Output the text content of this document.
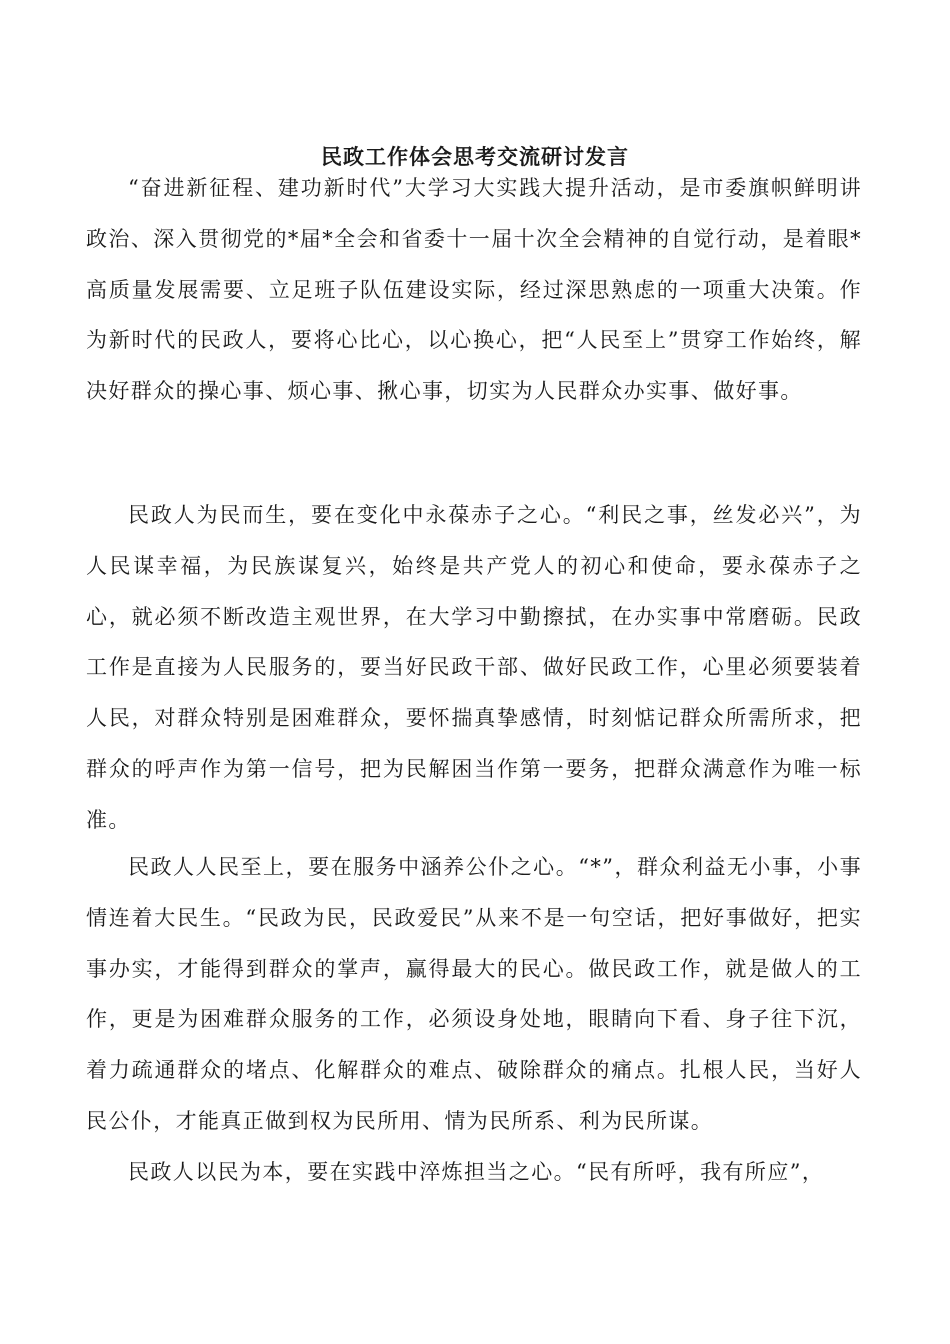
民政工作体会思考交流研讨发言

“奋进新征程、建功新时代”大学习大实践大提升活动，是市委旗帜鲜明讲政治、深入贯彻党的*届*全会和省委十一届十次全会精神的自觉行动，是着眼*高质量发展需要、立足班子队伍建设实际，经过深思熟虑的一项重大决策。作为新时代的民政人，要将心比心，以心换心，把“人民至上”贯穿工作始终，解决好群众的操心事、烦心事、揪心事，切实为人民群众办实事、做好事。

民政人为民而生，要在变化中永葆赤子之心。“利民之事，丝发必兴”，为人民谋幸福，为民族谋复兴，始终是共产党人的初心和使命，要永葆赤子之心，就必须不断改造主观世界，在大学习中勤擦拭，在办实事中常磨砺。民政工作是直接为人民服务的，要当好民政干部、做好民政工作，心里必须要装着人民，对群众特别是困难群众，要怀揣真挚感情，时刻惦记群众所需所求，把群众的呼声作为第一信号，把为民解困当作第一要务，把群众满意作为唯一标准。

民政人人民至上，要在服务中涵养公仆之心。“*”，群众利益无小事，小事情连着大民生。“民政为民，民政爱民”从来不是一句空话，把好事做好，把实事办实，才能得到群众的掌声，赢得最大的民心。做民政工作，就是做人的工作，更是为困难群众服务的工作，必须设身处地，眼睛向下看、身子往下沉，着力疏通群众的堵点、化解群众的难点、破除群众的痛点。扎根人民，当好人民公仆，才能真正做到权为民所用、情为民所系、利为民所谋。

民政人以民为本，要在实践中淬炼担当之心。“民有所呼，我有所应”，
